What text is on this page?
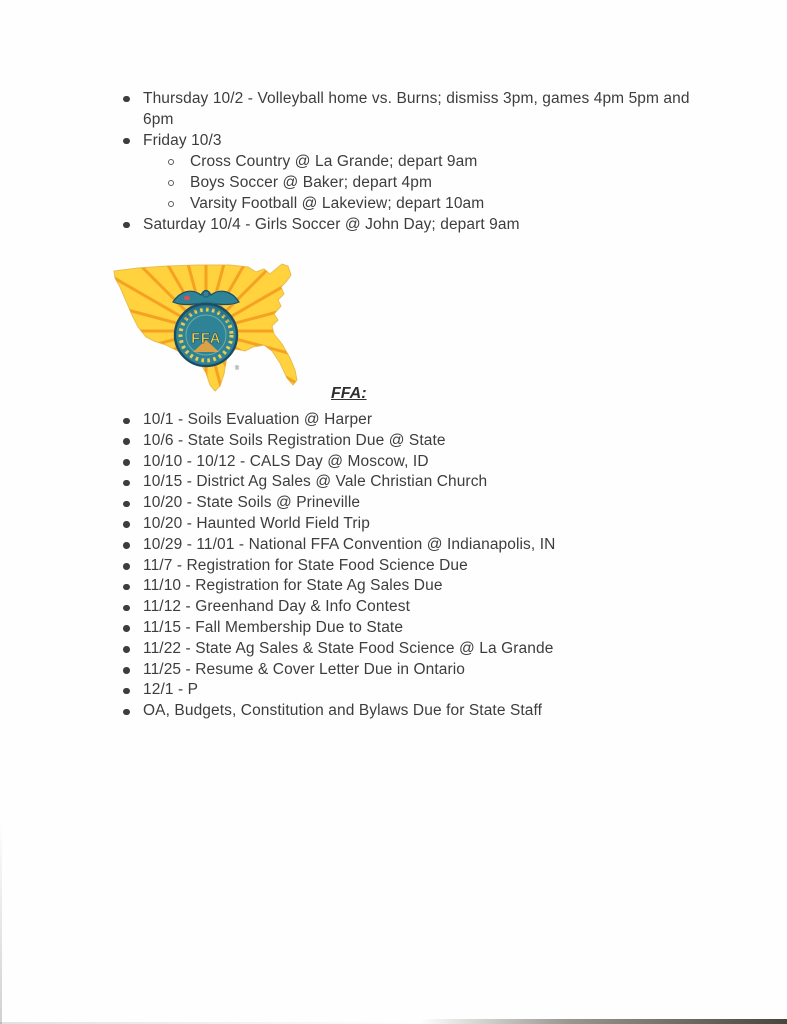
Thursday 10/2 - Volleyball home vs. Burns; dismiss 3pm, games 4pm 5pm and 6pm
Friday 10/3
Cross Country @ La Grande; depart 9am
Boys Soccer @ Baker; depart 4pm
Varsity Football @ Lakeview; depart 10am
Saturday 10/4 - Girls Soccer @ John Day; depart 9am
FFA
®
FFA:
10/1 - Soils Evaluation @ Harper
10/6 - State Soils Registration Due @ State
10/10 - 10/12 - CALS Day @ Moscow, ID
10/15 - District Ag Sales @ Vale Christian Church
10/20 - State Soils @ Prineville
10/20 - Haunted World Field Trip
10/29 - 11/01 - National FFA Convention @ Indianapolis, IN
11/7 - Registration for State Food Science Due
11/10 - Registration for State Ag Sales Due
11/12 - Greenhand Day & Info Contest
11/15 - Fall Membership Due to State
11/22 - State Ag Sales & State Food Science @ La Grande
11/25 - Resume & Cover Letter Due in Ontario
12/1 - P
OA, Budgets, Constitution and Bylaws Due for State Staff
